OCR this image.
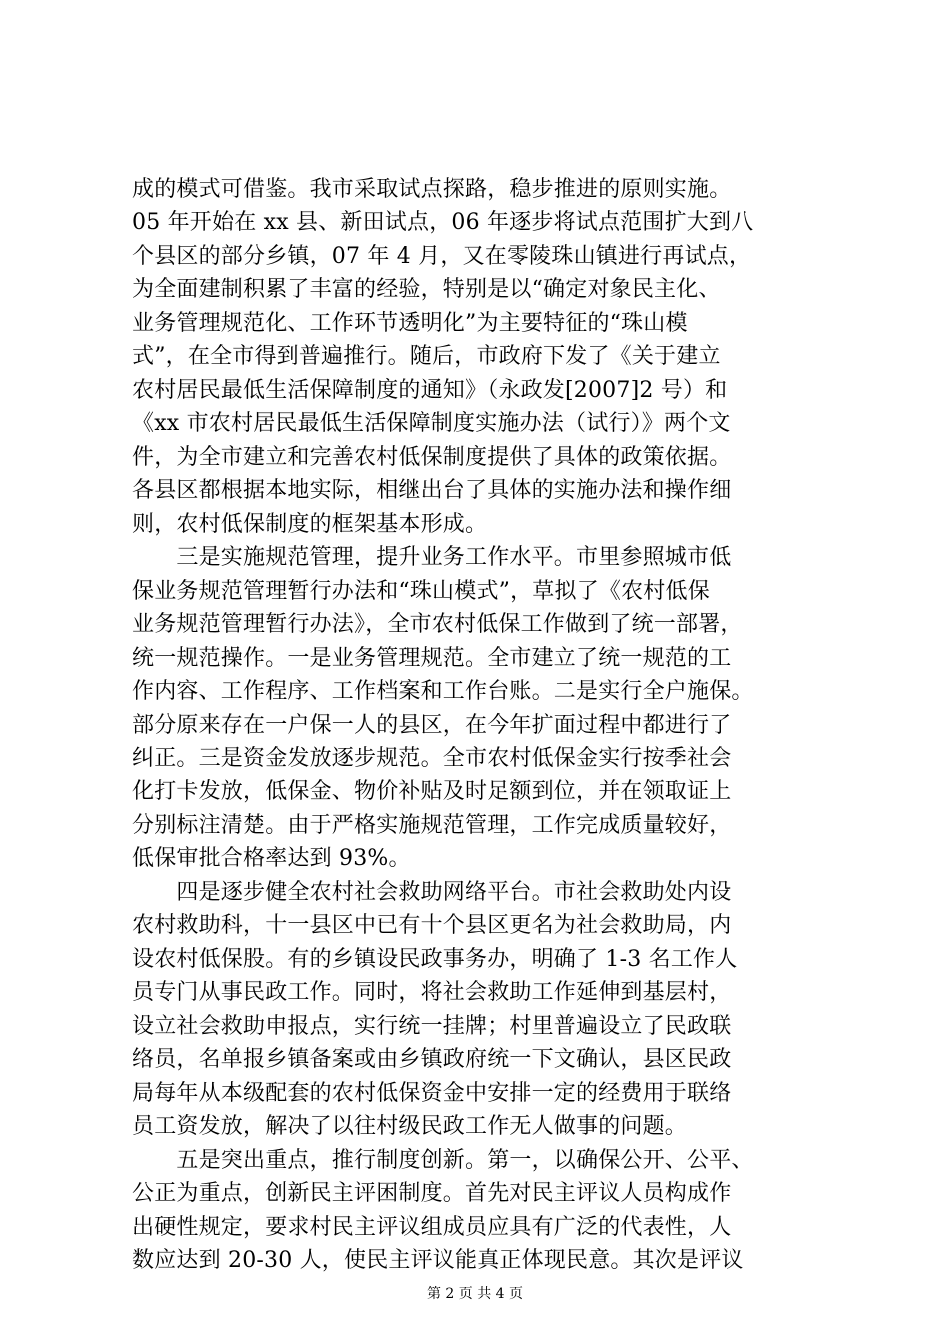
成的模式可借鉴。我市采取试点探路，稳步推进的原则实施。
05 年开始在 xx 县、新田试点，06 年逐步将试点范围扩大到八
个县区的部分乡镇，07 年 4 月，又在零陵珠山镇进行再试点，
为全面建制积累了丰富的经验，特别是以“确定对象民主化、
业务管理规范化、工作环节透明化”为主要特征的“珠山模
式”，在全市得到普遍推行。随后，市政府下发了《关于建立
农村居民最低生活保障制度的通知》（永政发[2007]2 号）和
《xx 市农村居民最低生活保障制度实施办法（试行）》两个文
件，为全市建立和完善农村低保制度提供了具体的政策依据。
各县区都根据本地实际，相继出台了具体的实施办法和操作细
则，农村低保制度的框架基本形成。
　　三是实施规范管理，提升业务工作水平。市里参照城市低
保业务规范管理暂行办法和“珠山模式”，草拟了《农村低保
业务规范管理暂行办法》，全市农村低保工作做到了统一部署，
统一规范操作。一是业务管理规范。全市建立了统一规范的工
作内容、工作程序、工作档案和工作台账。二是实行全户施保。
部分原来存在一户保一人的县区，在今年扩面过程中都进行了
纠正。三是资金发放逐步规范。全市农村低保金实行按季社会
化打卡发放，低保金、物价补贴及时足额到位，并在领取证上
分别标注清楚。由于严格实施规范管理，工作完成质量较好，
低保审批合格率达到 93%。
　　四是逐步健全农村社会救助网络平台。市社会救助处内设
农村救助科，十一县区中已有十个县区更名为社会救助局，内
设农村低保股。有的乡镇设民政事务办，明确了 1-3 名工作人
员专门从事民政工作。同时，将社会救助工作延伸到基层村，
设立社会救助申报点，实行统一挂牌；村里普遍设立了民政联
络员，名单报乡镇备案或由乡镇政府统一下文确认，县区民政
局每年从本级配套的农村低保资金中安排一定的经费用于联络
员工资发放，解决了以往村级民政工作无人做事的问题。
　　五是突出重点，推行制度创新。第一，以确保公开、公平、
公正为重点，创新民主评困制度。首先对民主评议人员构成作
出硬性规定，要求村民主评议组成员应具有广泛的代表性，人
数应达到 20-30 人，使民主评议能真正体现民意。其次是评议
第 2 页 共 4 页
